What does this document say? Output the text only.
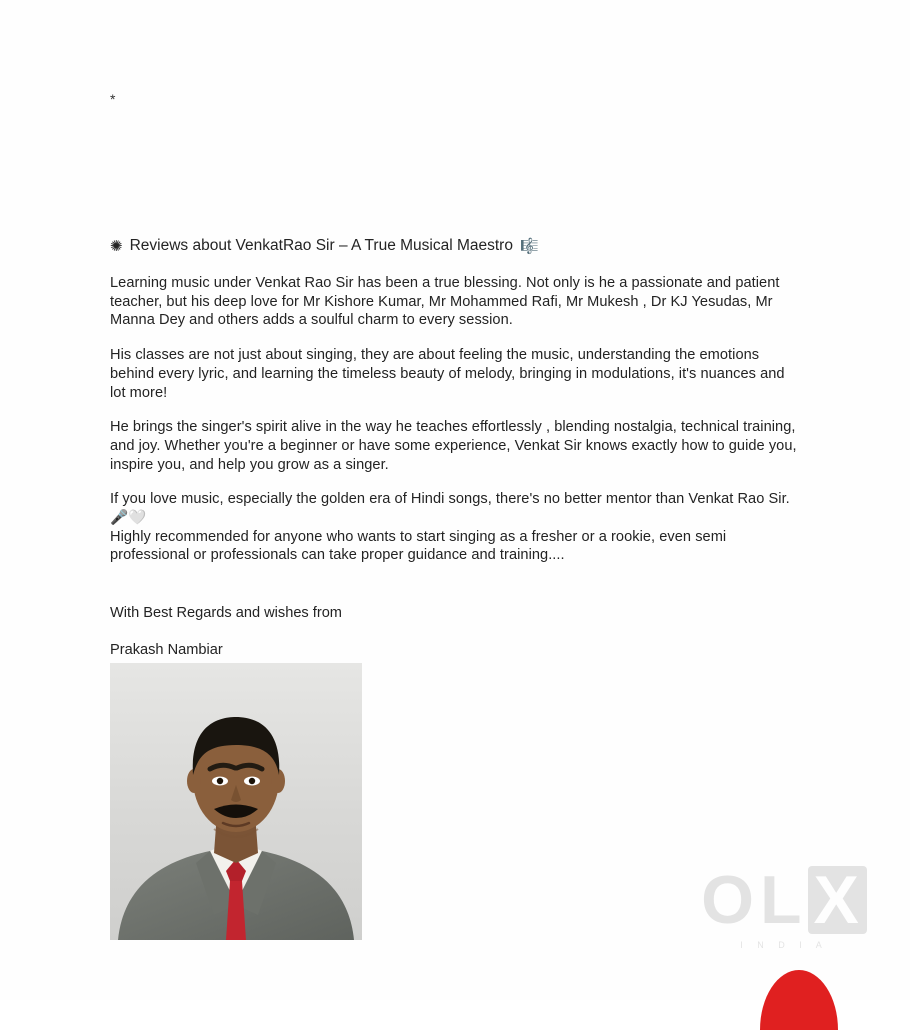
*
✺ Reviews about VenkatRao Sir – A True Musical Maestro 🎼

Learning music under Venkat Rao Sir has been a true blessing. Not only is he a passionate and patient teacher, but his deep love for Mr Kishore Kumar, Mr Mohammed Rafi, Mr Mukesh , Dr KJ Yesudas, Mr Manna Dey and others adds a soulful charm to every session.

His classes are not just about singing, they are about feeling the music, understanding the emotions behind every lyric, and learning the timeless beauty of melody, bringing in modulations, it's nuances and lot more!

He brings the singer's spirit alive in the way he teaches effortlessly , blending nostalgia, technical training, and joy. Whether you're a beginner or have some experience, Venkat Sir knows exactly how to guide you, inspire you, and help you grow as a singer.

If you love music, especially the golden era of Hindi songs, there's no better mentor than Venkat Rao Sir. 🎤🤍

Highly recommended for anyone who wants to start singing as a fresher or a rookie, even semi professional or professionals can take proper guidance and training....

With Best Regards and wishes from

Prakash Nambiar

O L X
I N D I A
